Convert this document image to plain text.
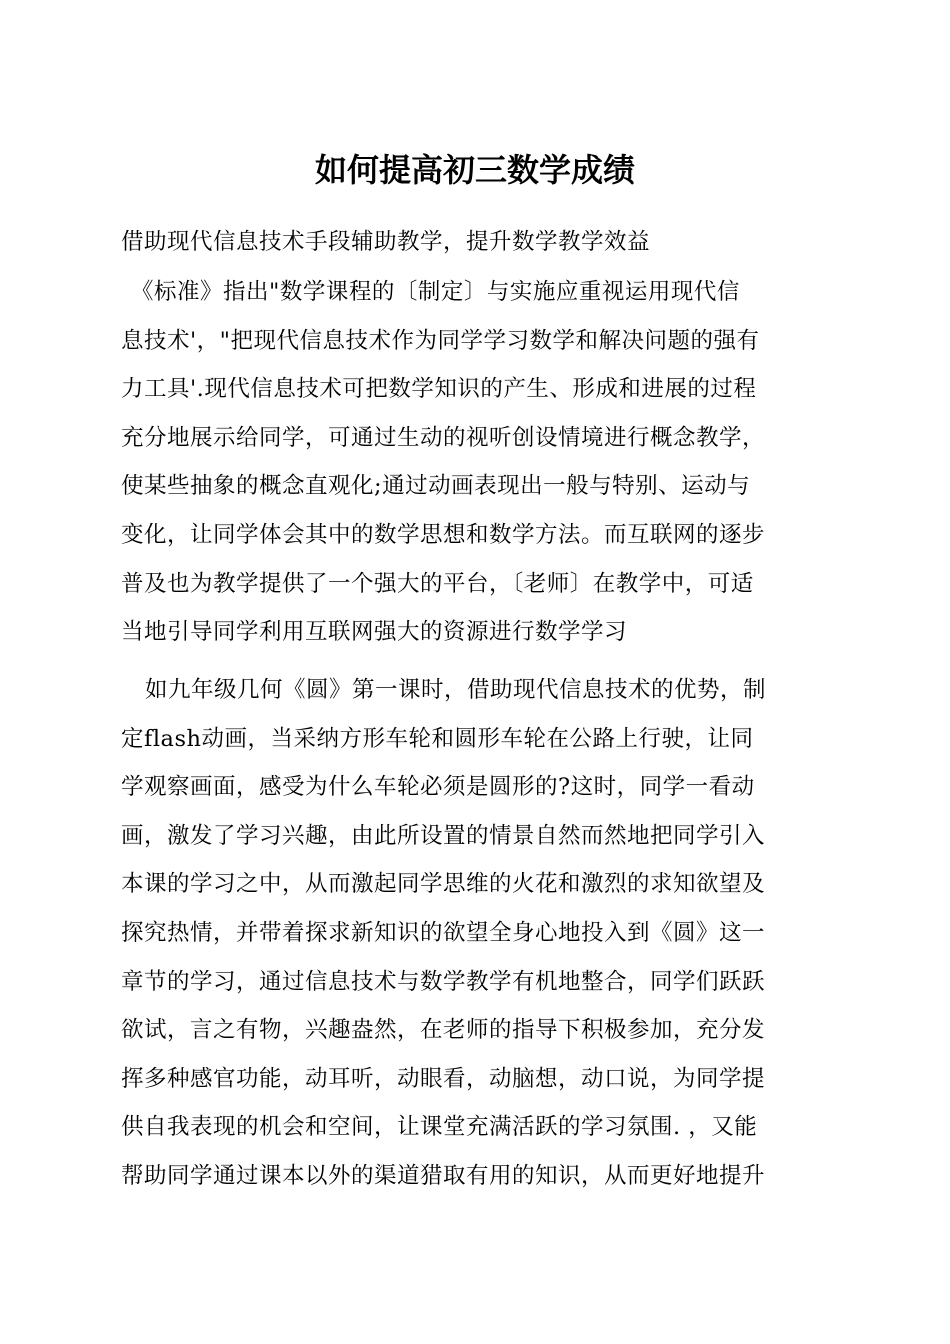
如何提高初三数学成绩
借助现代信息技术手段辅助教学，提升数学教学效益
《标准》指出"数学课程的〔制定〕与实施应重视运用现代信
息技术'，"把现代信息技术作为同学学习数学和解决问题的强有
力工具'.现代信息技术可把数学知识的产生、形成和进展的过程
充分地展示给同学，可通过生动的视听创设情境进行概念教学，
使某些抽象的概念直观化;通过动画表现出一般与特别、运动与
变化，让同学体会其中的数学思想和数学方法。而互联网的逐步
普及也为教学提供了一个强大的平台，〔老师〕在教学中，可适
当地引导同学利用互联网强大的资源进行数学学习
如九年级几何《圆》第一课时，借助现代信息技术的优势，制
定flash动画，当采纳方形车轮和圆形车轮在公路上行驶，让同
学观察画面，感受为什么车轮必须是圆形的?这时，同学一看动
画，激发了学习兴趣，由此所设置的情景自然而然地把同学引入
本课的学习之中，从而激起同学思维的火花和激烈的求知欲望及
探究热情，并带着探求新知识的欲望全身心地投入到《圆》这一
章节的学习，通过信息技术与数学教学有机地整合，同学们跃跃
欲试，言之有物，兴趣盎然，在老师的指导下积极参加，充分发
挥多种感官功能，动耳听，动眼看，动脑想，动口说，为同学提
供自我表现的机会和空间，让课堂充满活跃的学习氛围. ，又能
帮助同学通过课本以外的渠道猎取有用的知识，从而更好地提升
